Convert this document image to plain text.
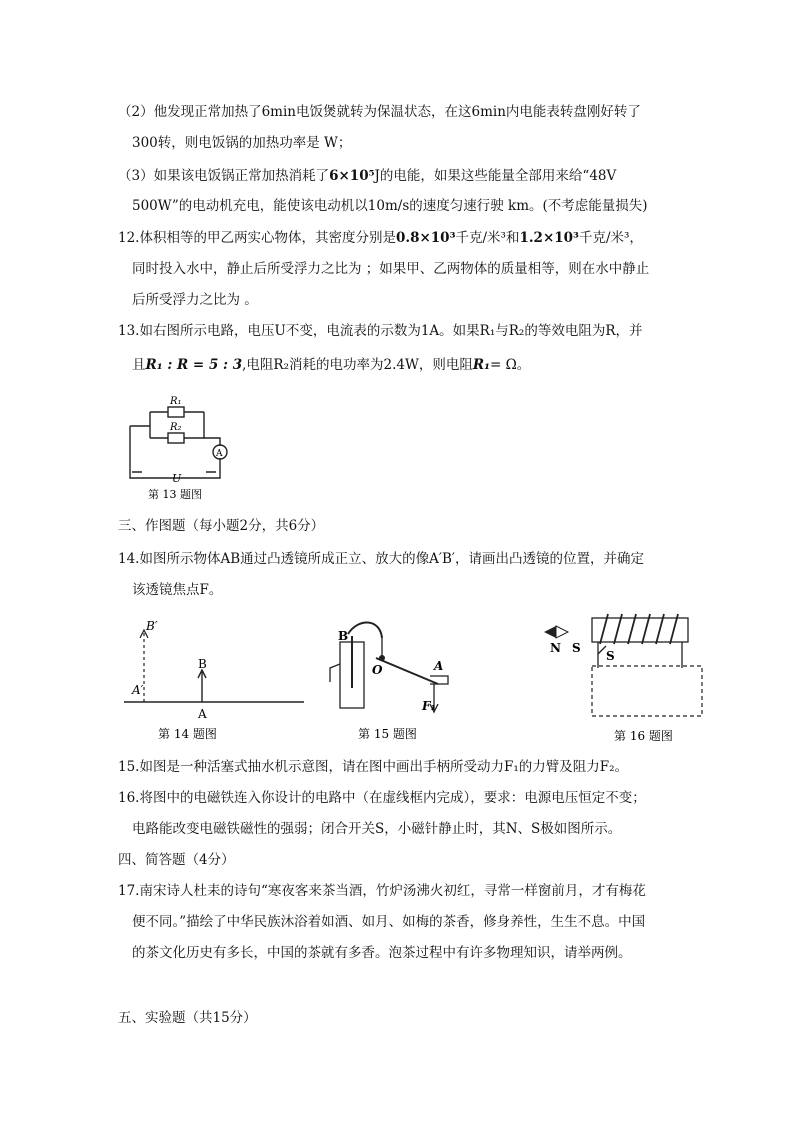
（2）他发现正常加热了6min电饭煲就转为保温状态，在这6min内电能表转盘刚好转了
300转，则电饭锅的加热功率是 W；
（3）如果该电饭锅正常加热消耗了6×10⁵J的电能，如果这些能量全部用来给“48V
500W”的电动机充电，能使该电动机以10m/s的速度匀速行驶 km。(不考虑能量损失)
12.体积相等的甲乙两实心物体，其密度分别是0.8×10³千克/米³和1.2×10³千克/米³，
同时投入水中，静止后所受浮力之比为 ；如果甲、乙两物体的质量相等，则在水中静止
后所受浮力之比为 。
13.如右图所示电路，电压U不变，电流表的示数为1A。如果R₁与R₂的等效电阻为R，并
且R₁ : R = 5 : 3,电阻R₂消耗的电功率为2.4W，则电阻R₁= Ω。
R₁
R₂
A
U
第 13 题图
三、作图题（每小题2分，共6分）
14.如图所示物体AB通过凸透镜所成正立、放大的像A′B′，请画出凸透镜的位置，并确定
该透镜焦点F。
B′
A′
B
A
第 14 题图
B
O	A
F₁
第 15 题图
N S
S
第 16 题图
15.如图是一种活塞式抽水机示意图，请在图中画出手柄所受动力F₁的力臂及阻力F₂。
16.将图中的电磁铁连入你设计的电路中（在虚线框内完成），要求：电源电压恒定不变；
电路能改变电磁铁磁性的强弱；闭合开关S，小磁针静止时，其N、S极如图所示。
四、简答题（4分）
17.南宋诗人杜耒的诗句“寒夜客来茶当酒，竹炉汤沸火初红，寻常一样窗前月，才有梅花
便不同。”描绘了中华民族沐浴着如酒、如月、如梅的茶香，修身养性，生生不息。中国
的茶文化历史有多长，中国的茶就有多香。泡茶过程中有许多物理知识，请举两例。
五、实验题（共15分）
